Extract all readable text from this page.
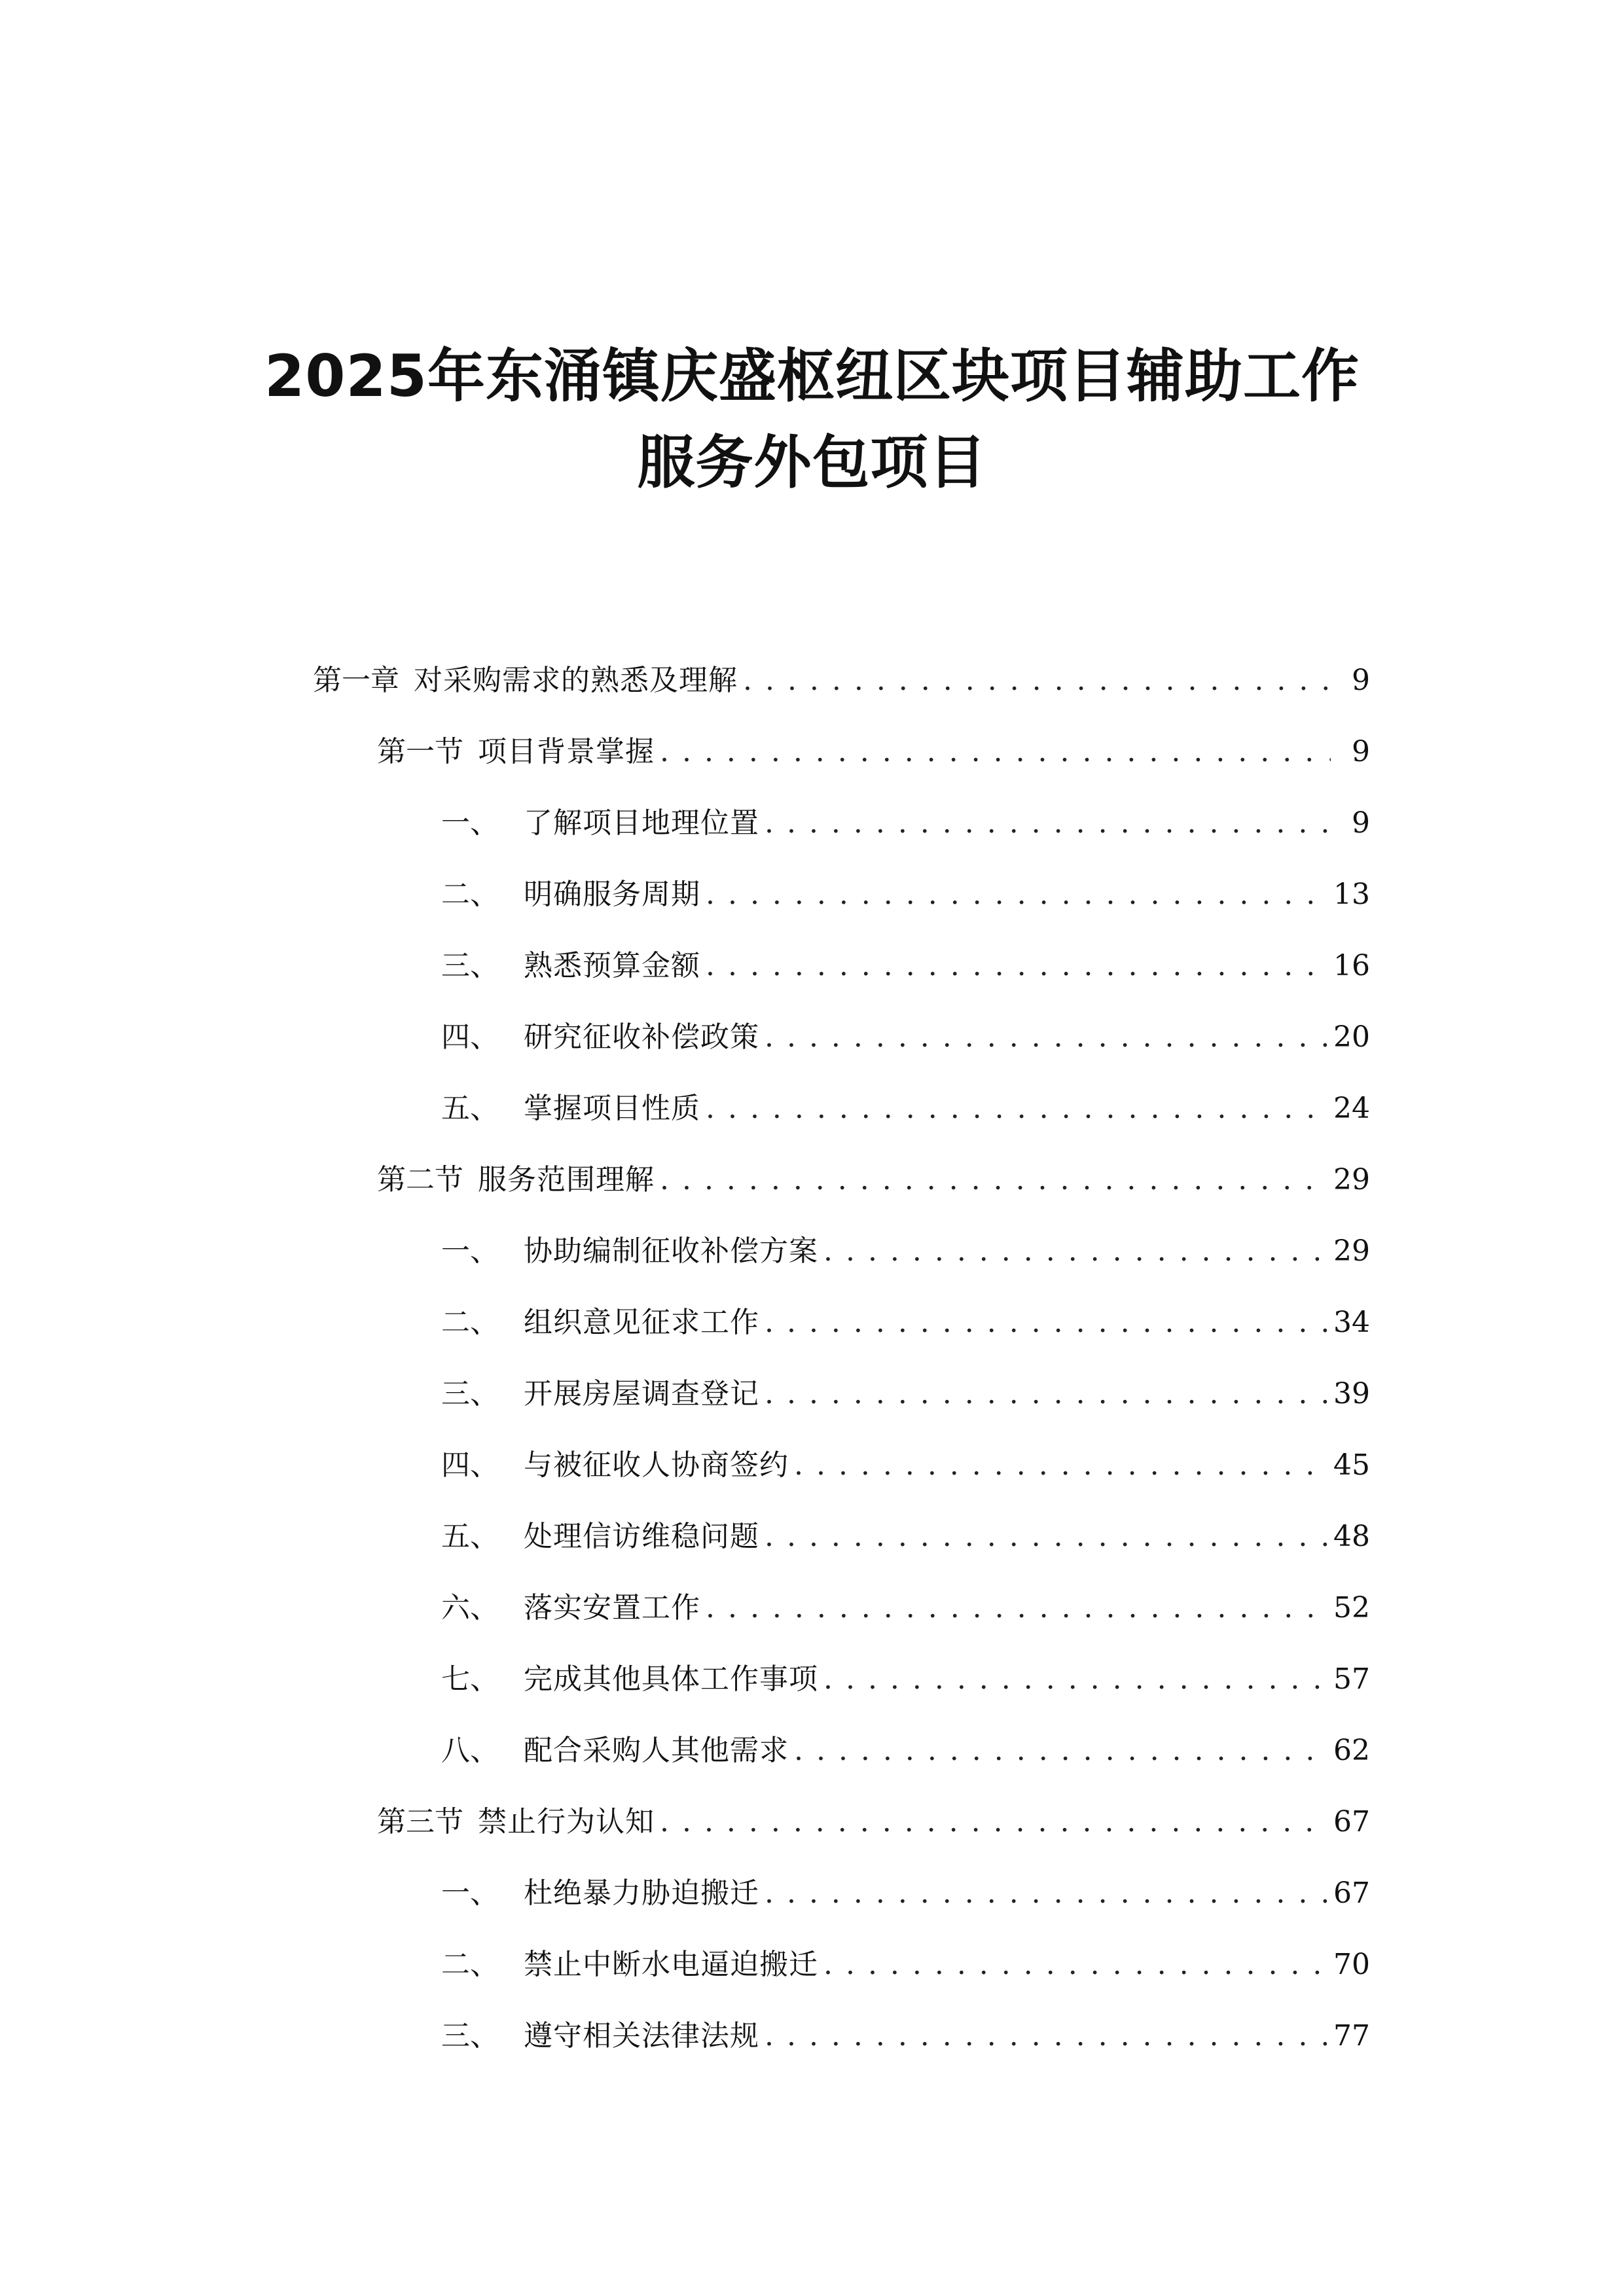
2025年东涌镇庆盛枢纽区块项目辅助工作
服务外包项目
第一章 对采购需求的熟悉及理解 . . .	9
第一节 项目背景掌握 . . .	9
一、 了解项目地理位置 . . .	9
二、 明确服务周期 . . .	13
三、 熟悉预算金额 . . .	16
四、 研究征收补偿政策 . . .	20
五、 掌握项目性质 . . .	24
第二节 服务范围理解 . . .	29
一、 协助编制征收补偿方案 . . .	29
二、 组织意见征求工作 . . .	34
三、 开展房屋调查登记 . . .	39
四、 与被征收人协商签约 . . .	45
五、 处理信访维稳问题 . . .	48
六、 落实安置工作 . . .	52
七、 完成其他具体工作事项 . . .	57
八、 配合采购人其他需求 . . .	62
第三节 禁止行为认知 . . .	67
一、 杜绝暴力胁迫搬迁 . . .	67
二、 禁止中断水电逼迫搬迁 . . .	70
三、 遵守相关法律法规 . . .	77
